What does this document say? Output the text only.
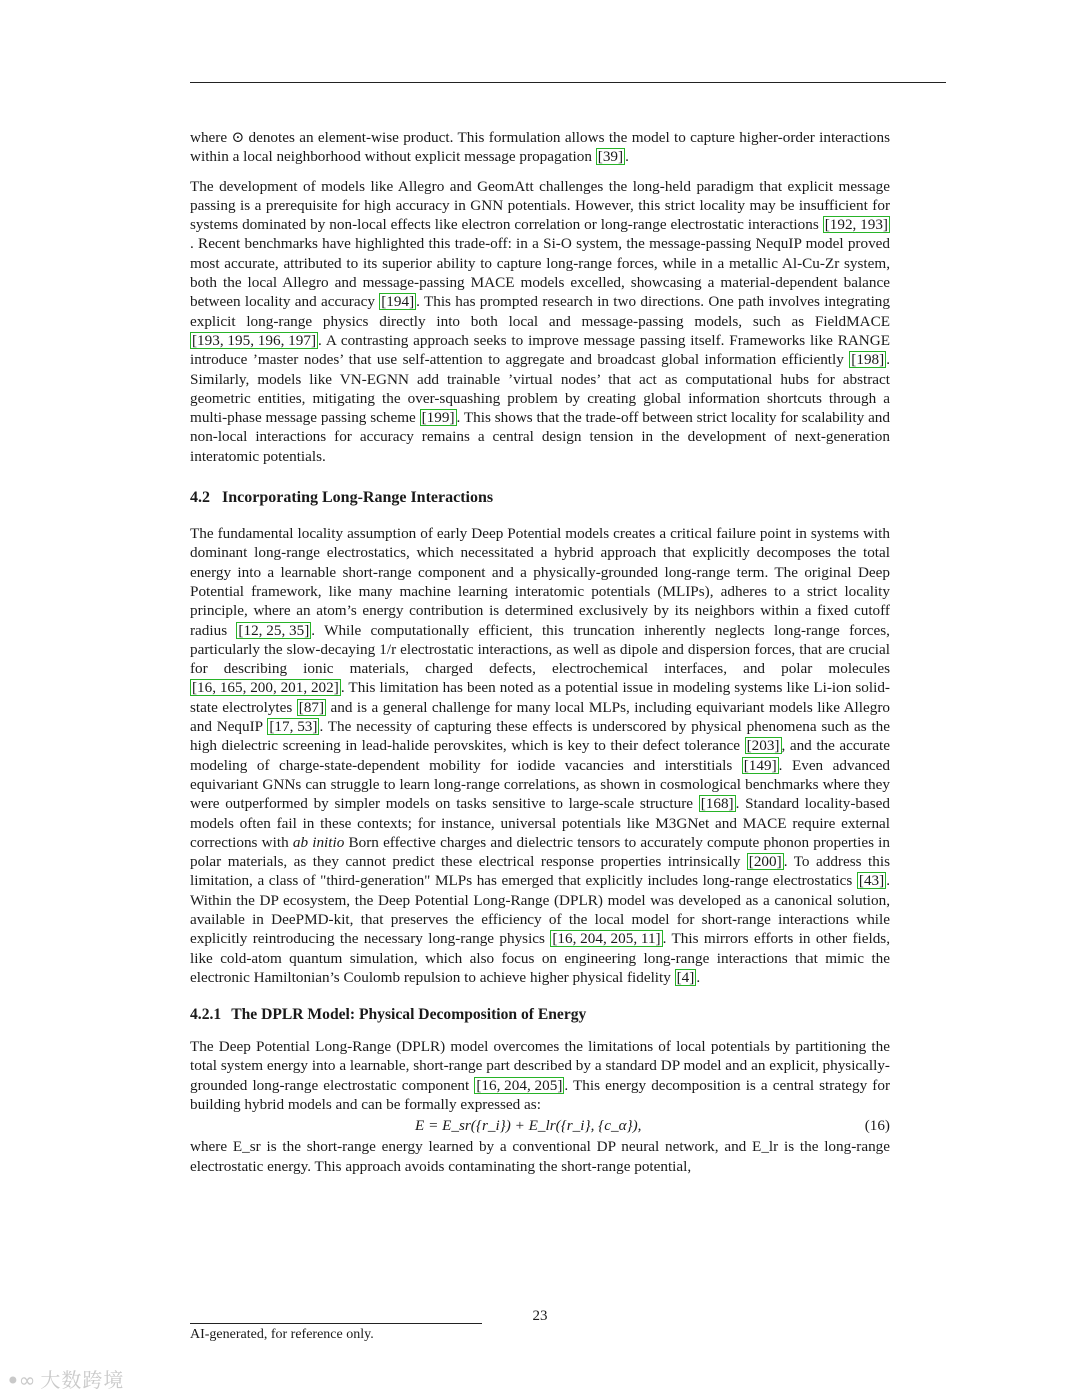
where ⊙ denotes an element-wise product. This formulation allows the model to capture higher-order interactions within a local neighborhood without explicit message propagation [39] .

The development of models like Allegro and GeomAtt challenges the long-held paradigm that explicit message passing is a prerequisite for high accuracy in GNN potentials. However, this strict locality may be insufficient for systems dominated by non-local effects like electron correlation or long-range electrostatic interactions [192, 193]. Recent benchmarks have highlighted this trade-off: in a Si-O system, the message-passing NequIP model proved most accurate, attributed to its superior ability to capture long-range forces, while in a metallic Al-Cu-Zr system, both the local Allegro and message-passing MACE models excelled, showcasing a material-dependent balance between locality and accuracy [194] . This has prompted research in two directions. One path involves integrating explicit long-range physics directly into both local and message-passing models, such as FieldMACE [193, 195, 196, 197] . A contrasting approach seeks to improve message passing itself. Frameworks like RANGE introduce ’master nodes’ that use self-attention to aggregate and broadcast global information efficiently [198] . Similarly, models like VN-EGNN add trainable ’virtual nodes’ that act as computational hubs for abstract geometric entities, mitigating the over-squashing problem by creating global information shortcuts through a multi-phase message passing scheme [199] . This shows that the trade-off between strict locality for scalability and non-local interactions for accuracy remains a central design tension in the development of next-generation interatomic potentials.

4.2 Incorporating Long-Range Interactions

The fundamental locality assumption of early Deep Potential models creates a critical failure point in systems with dominant long-range electrostatics, which necessitated a hybrid approach that explicitly decomposes the total energy into a learnable short-range component and a physically-grounded long-range term. The original Deep Potential framework, like many machine learning interatomic potentials (MLIPs), adheres to a strict locality principle, where an atom’s energy contribution is determined exclusively by its neighbors within a fixed cutoff radius [12, 25, 35] . While computationally efficient, this truncation inherently neglects long-range forces, particularly the slow-decaying 1/r electrostatic interactions, as well as dipole and dispersion forces, that are crucial for describing ionic materials, charged defects, electrochemical interfaces, and polar molecules [16, 165, 200, 201, 202] . This limitation has been noted as a potential issue in modeling systems like Li-ion solid-state electrolytes [87] and is a general challenge for many local MLPs, including equivariant models like Allegro and NequIP [17, 53] . The necessity of capturing these effects is underscored by physical phenomena such as the high dielectric screening in lead-halide perovskites, which is key to their defect tolerance [203] , and the accurate modeling of charge-state-dependent mobility for iodide vacancies and interstitials [149] . Even advanced equivariant GNNs can struggle to learn long-range correlations, as shown in cosmological benchmarks where they were outperformed by simpler models on tasks sensitive to large-scale structure [168] . Standard locality-based models often fail in these contexts; for instance, universal potentials like M3GNet and MACE require external corrections with ab initio Born effective charges and dielectric tensors to accurately compute phonon properties in polar materials, as they cannot predict these electrical response properties intrinsically [200] . To address this limitation, a class of "third-generation" MLPs has emerged that explicitly includes long-range electrostatics [43] . Within the DP ecosystem, the Deep Potential Long-Range (DPLR) model was developed as a canonical solution, available in DeePMD-kit, that preserves the efficiency of the local model for short-range interactions while explicitly reintroducing the necessary long-range physics [16, 204, 205, 11] . This mirrors efforts in other fields, like cold-atom quantum simulation, which also focus on engineering long-range interactions that mimic the electronic Hamiltonian’s Coulomb repulsion to achieve higher physical fidelity [4] .

4.2.1 The DPLR Model: Physical Decomposition of Energy

The Deep Potential Long-Range (DPLR) model overcomes the limitations of local potentials by partitioning the total system energy into a learnable, short-range part described by a standard DP model and an explicit, physically-grounded long-range electrostatic component [16, 204, 205] . This energy decomposition is a central strategy for building hybrid models and can be formally expressed as:

E = E_sr({r_i}) + E_lr({r_i}, {c_α}),	(16)

where E_sr is the short-range energy learned by a conventional DP neural network, and E_lr is the long-range electrostatic energy. This approach avoids contaminating the short-range potential,

23
AI-generated, for reference only.
ꔷ∞ 大数跨境
